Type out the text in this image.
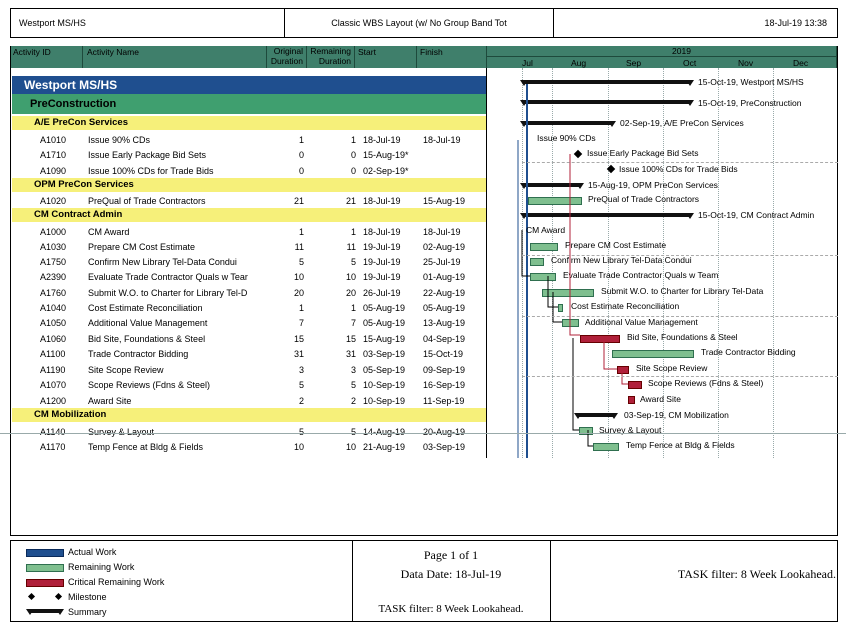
Westport MS/HS	Classic WBS Layout (w/ No Group Band Tot	18-Jul-19 13:38
Activity ID	Activity Name	Original
Duration
Remaining
Duration
Start	Finish	2019
Jul	Aug	Sep	Oct	Nov	Dec
Westport MS/HS
PreConstruction
A/E PreCon Services
OPM PreCon Services
CM Contract Admin
CM Mobilization
A1010 Issue 90% CDs	1	1 18-Jul-19 18-Jul-19
A1710 Issue Early Package Bid Sets	0	0 15-Aug-19*
A1090 Issue 100% CDs for Trade Bids	0	0 02-Sep-19*
A1020 PreQual of Trade Contractors	21	21 18-Jul-19 15-Aug-19
A1000 CM Award	1	1 18-Jul-19 18-Jul-19
A1030 Prepare CM Cost Estimate	11	11 19-Jul-19 02-Aug-19
A1750 Confirm New Library Tel-Data Condui	5	5 19-Jul-19 25-Jul-19
A2390 Evaluate Trade Contractor Quals w Tear	10	10 19-Jul-19 01-Aug-19
A1760 Submit W.O. to Charter for Library Tel-D	20	20 26-Jul-19 22-Aug-19
A1040 Cost Estimate Reconciliation	1	1 05-Aug-19 05-Aug-19
A1050 Additional Value Management	7	7 05-Aug-19 13-Aug-19
A1060 Bid Site, Foundations & Steel	15	15 15-Aug-19 04-Sep-19
A1100	Trade Contractor Bidding	31	31 03-Sep-19 15-Oct-19
A1190	Site Scope Review	3	3 05-Sep-19 09-Sep-19
A1070 Scope Reviews (Fdns & Steel)	5	5 10-Sep-19 16-Sep-19
A1200 Award Site	2	2 10-Sep-19 11-Sep-19
A1140	Survey & Layout	5	5 14-Aug-19 20-Aug-19
A1170	Temp Fence at Bldg & Fields	10	10 21-Aug-19 03-Sep-19
15-Oct-19, Westport MS/HS
15-Oct-19, PreConstruction
02-Sep-19, A/E PreCon Services
15-Aug-19, OPM PreCon Services
15-Oct-19, CM Contract Admin
03-Sep-19, CM Mobilization
Issue 90% CDs
Issue Early Package Bid Sets
Issue 100% CDs for Trade Bids
PreQual of Trade Contractors
CM Award
Prepare CM Cost Estimate
Confirm New Library Tel-Data Condui
Evaluate Trade Contractor Quals w Team
Submit W.O. to Charter for Library Tel-Data
Cost Estimate Reconciliation
Additional Value Management
Bid Site, Foundations & Steel
Trade Contractor Bidding
Site Scope Review
Scope Reviews (Fdns & Steel)
Award Site
Survey & Layout
Temp Fence at Bldg & Fields
Actual Work
Remaining Work
Critical Remaining Work
Milestone
Summary
Page 1 of 1
Data Date: 18-Jul-19
TASK filter: 8 Week Lookahead.
TASK filter: 8 Week Lookahead.
